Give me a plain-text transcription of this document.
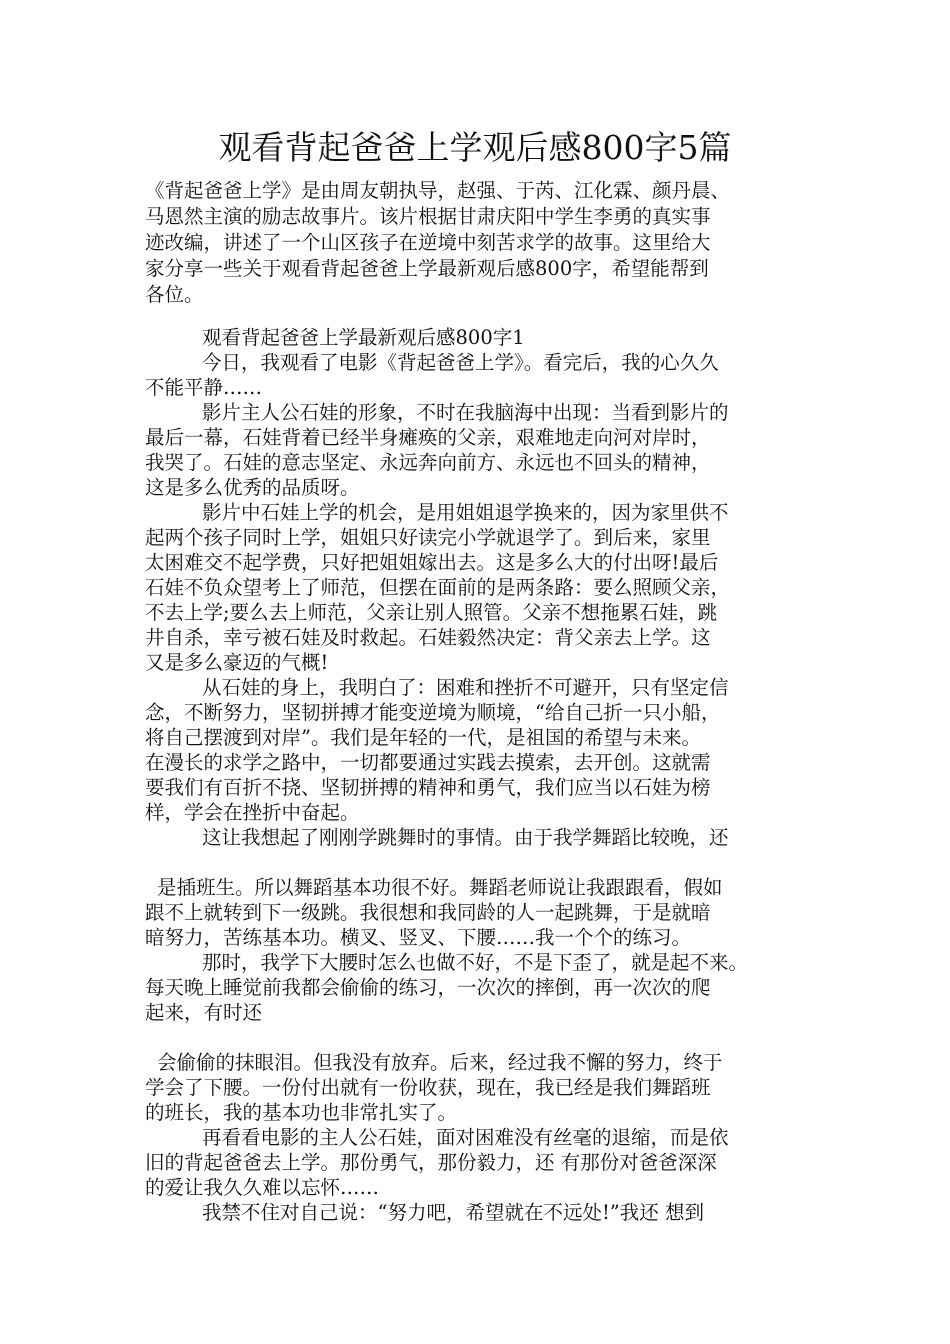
观看背起爸爸上学观后感800字5篇
《背起爸爸上学》是由周友朝执导，赵强、于芮、江化霖、颜丹晨、
马恩然主演的励志故事片。该片根据甘肃庆阳中学生李勇的真实事
迹改编，讲述了一个山区孩子在逆境中刻苦求学的故事。这里给大
家分享一些关于观看背起爸爸上学最新观后感800字，希望能帮到
各位。
观看背起爸爸上学最新观后感800字1
今日，我观看了电影《背起爸爸上学》。看完后，我的心久久
不能平静……
影片主人公石娃的形象，不时在我脑海中出现：当看到影片的
最后一幕，石娃背着已经半身瘫痪的父亲，艰难地走向河对岸时，
我哭了。石娃的意志坚定、永远奔向前方、永远也不回头的精神，
这是多么优秀的品质呀。
影片中石娃上学的机会，是用姐姐退学换来的，因为家里供不
起两个孩子同时上学，姐姐只好读完小学就退学了。到后来，家里
太困难交不起学费，只好把姐姐嫁出去。这是多么大的付出呀!最后
石娃不负众望考上了师范，但摆在面前的是两条路：要么照顾父亲，
不去上学;要么去上师范，父亲让别人照管。父亲不想拖累石娃，跳
井自杀，幸亏被石娃及时救起。石娃毅然决定：背父亲去上学。这
又是多么豪迈的气概!
从石娃的身上，我明白了：困难和挫折不可避开，只有坚定信
念，不断努力，坚韧拼搏才能变逆境为顺境，“给自己折一只小船，
将自己摆渡到对岸”。我们是年轻的一代，是祖国的希望与未来。
在漫长的求学之路中，一切都要通过实践去摸索，去开创。这就需
要我们有百折不挠、坚韧拼搏的精神和勇气，我们应当以石娃为榜
样，学会在挫折中奋起。
这让我想起了刚刚学跳舞时的事情。由于我学舞蹈比较晚，还
是插班生。所以舞蹈基本功很不好。舞蹈老师说让我跟跟看，假如
跟不上就转到下一级跳。我很想和我同龄的人一起跳舞，于是就暗
暗努力，苦练基本功。横叉、竖叉、下腰……我一个个的练习。
那时，我学下大腰时怎么也做不好，不是下歪了，就是起不来。
每天晚上睡觉前我都会偷偷的练习，一次次的摔倒，再一次次的爬
起来，有时还
会偷偷的抹眼泪。但我没有放弃。后来，经过我不懈的努力，终于
学会了下腰。一份付出就有一份收获，现在，我已经是我们舞蹈班
的班长，我的基本功也非常扎实了。
再看看电影的主人公石娃，面对困难没有丝毫的退缩，而是依
旧的背起爸爸去上学。那份勇气，那份毅力，还 有那份对爸爸深深
的爱让我久久难以忘怀……
我禁不住对自己说：“努力吧，希望就在不远处!”我还 想到
